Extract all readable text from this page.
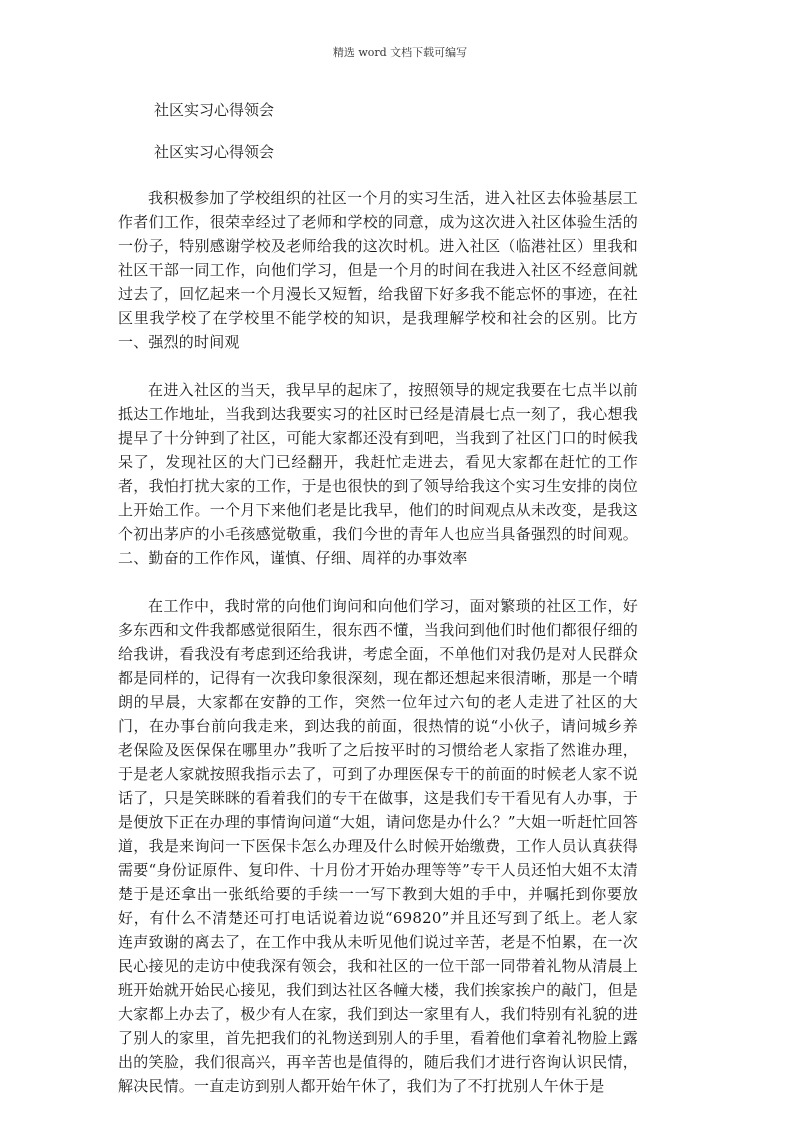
精选 word 文档下载可编写
社区实习心得领会
社区实习心得领会

我积极参加了学校组织的社区一个月的实习生活，进入社区去体验基层工作者们工作，很荣幸经过了老师和学校的同意，成为这次进入社区体验生活的一份子，特别感谢学校及老师给我的这次时机。进入社区（临港社区）里我和社区干部一同工作，向他们学习，但是一个月的时间在我进入社区不经意间就过去了，回忆起来一个月漫长又短暂，给我留下好多我不能忘怀的事迹，在社区里我学校了在学校里不能学校的知识，是我理解学校和社会的区别。比方一、强烈的时间观

在进入社区的当天，我早早的起床了，按照领导的规定我要在七点半以前抵达工作地址，当我到达我要实习的社区时已经是清晨七点一刻了，我心想我提早了十分钟到了社区，可能大家都还没有到吧，当我到了社区门口的时候我呆了，发现社区的大门已经翻开，我赶忙走进去，看见大家都在赶忙的工作者，我怕打扰大家的工作，于是也很快的到了领导给我这个实习生安排的岗位上开始工作。一个月下来他们老是比我早，他们的时间观点从未改变，是我这个初出茅庐的小毛孩感觉敬重，我们今世的青年人也应当具备强烈的时间观。二、勤奋的工作作风，谨慎、仔细、周祥的办事效率

在工作中，我时常的向他们询问和向他们学习，面对繁琐的社区工作，好多东西和文件我都感觉很陌生，很东西不懂，当我问到他们时他们都很仔细的给我讲，看我没有考虑到还给我讲，考虑全面，不单他们对我仍是对人民群众都是同样的，记得有一次我印象很深刻，现在都还想起来很清晰，那是一个晴朗的早晨，大家都在安静的工作，突然一位年过六旬的老人走进了社区的大门，在办事台前向我走来，到达我的前面，很热情的说“小伙子，请问城乡养老保险及医保保在哪里办”我听了之后按平时的习惯给老人家指了然谁办理，于是老人家就按照我指示去了，可到了办理医保专干的前面的时候老人家不说话了，只是笑眯眯的看着我们的专干在做事，这是我们专干看见有人办事，于是便放下正在办理的事情询问道“大姐，请问您是办什么？”大姐一听赶忙回答道，我是来询问一下医保卡怎么办理及什么时候开始缴费，工作人员认真获得需要“身份证原件、复印件、十月份才开始办理等等”专干人员还怕大姐不太清楚于是还拿出一张纸给要的手续一一写下教到大姐的手中，并嘱托到你要放好，有什么不清楚还可打电话说着边说“69820”并且还写到了纸上。老人家连声致谢的离去了，在工作中我从未听见他们说过辛苦，老是不怕累，在一次民心接见的走访中使我深有领会，我和社区的一位干部一同带着礼物从清晨上班开始就开始民心接见，我们到达社区各幢大楼，我们挨家挨户的敲门，但是大家都上办去了，极少有人在家，我们到达一家里有人，我们特别有礼貌的进了别人的家里，首先把我们的礼物送到别人的手里，看着他们拿着礼物脸上露出的笑脸，我们很高兴，再辛苦也是值得的，随后我们才进行咨询认识民情，解决民情。一直走访到别人都开始午休了，我们为了不打扰别人午休于是
